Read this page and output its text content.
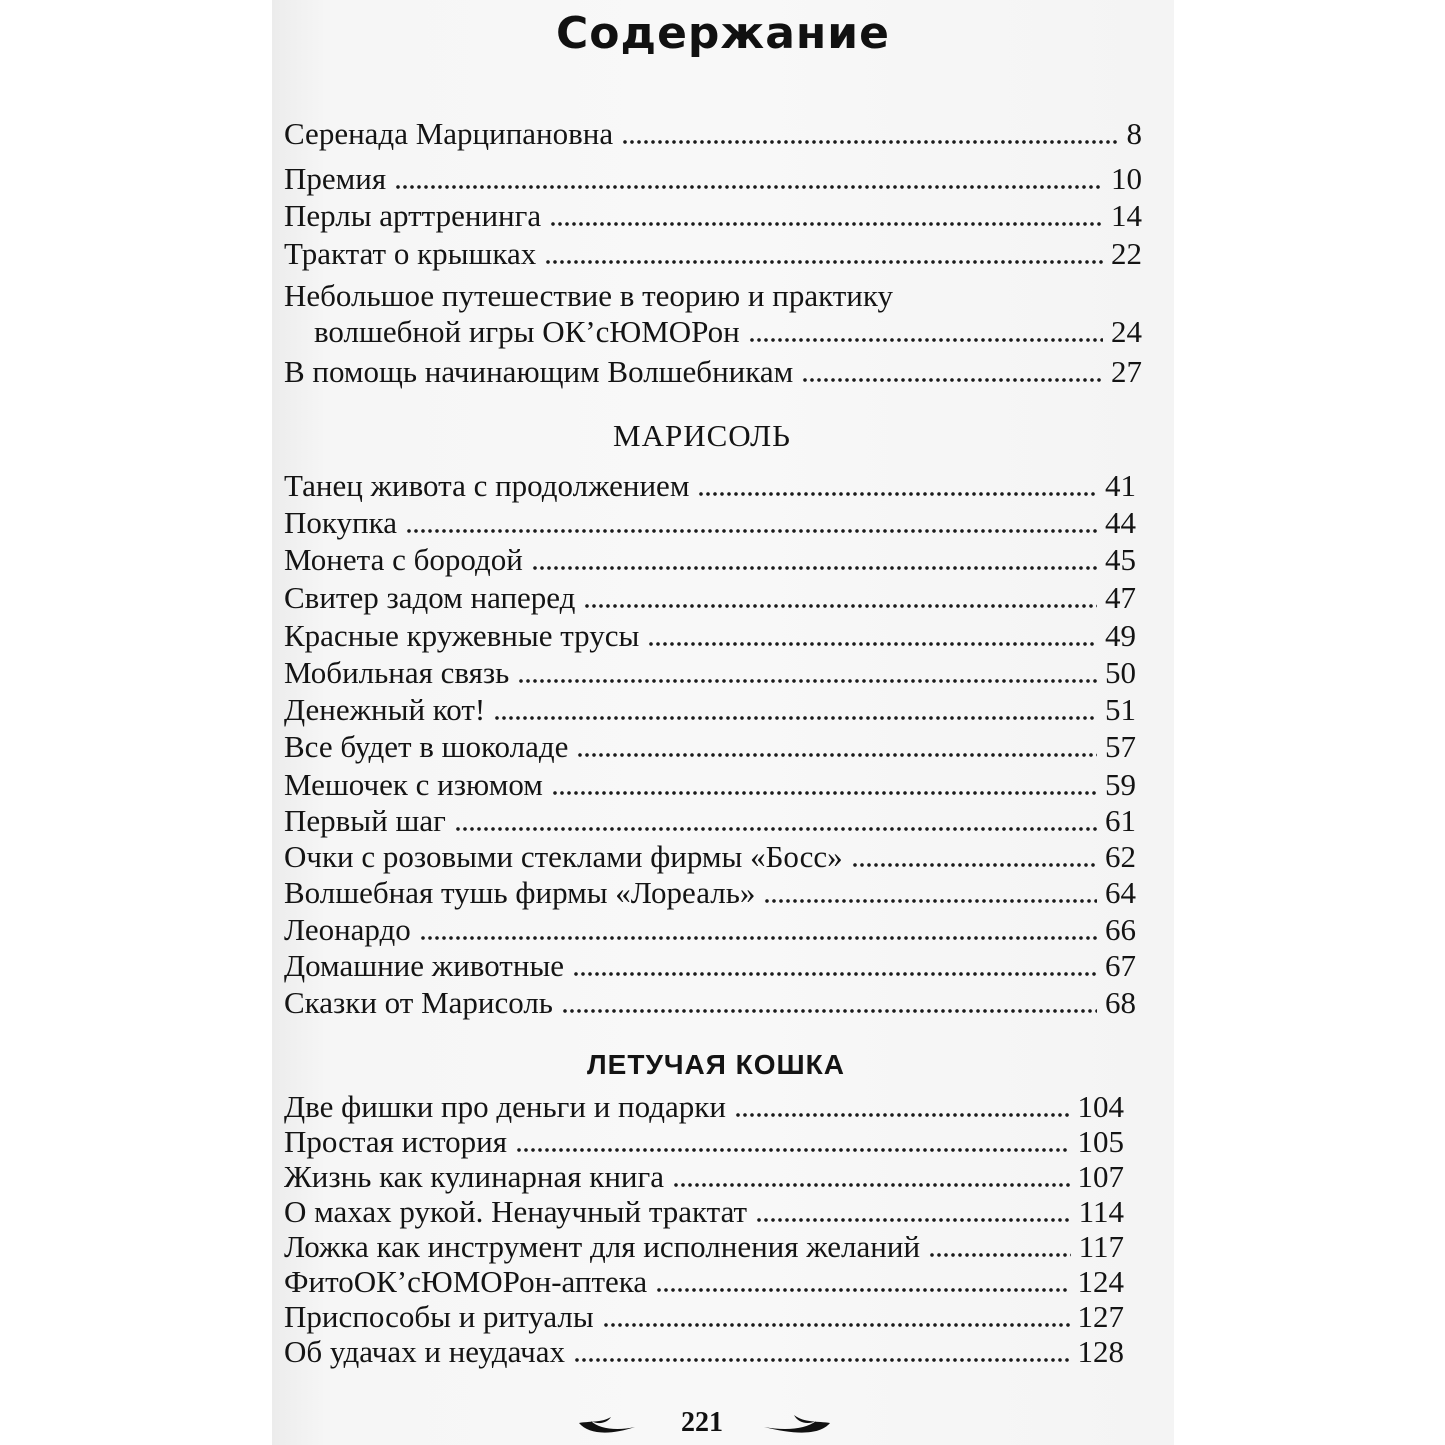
Содержание
Серенада Марципановна	8
Премия	10
Перлы арттренинга	14
Трактат о крышках	22
Небольшое путешествие в теорию и практику
волшебной игры ОК’сЮМОРон	24
В помощь начинающим Волшебникам	27
МАРИСОЛЬ
Танец живота с продолжением	41
Покупка	44
Монета с бородой	45
Свитер задом наперед	47
Красные кружевные трусы	49
Мобильная связь	50
Денежный кот!	51
Все будет в шоколаде	57
Мешочек с изюмом	59
Первый шаг	61
Очки с розовыми стеклами фирмы «Босс»	62
Волшебная тушь фирмы «Лореаль»	64
Леонардо	66
Домашние животные	67
Сказки от Марисоль	68
ЛЕТУЧАЯ КОШКА
Две фишки про деньги и подарки	104
Простая история	105
Жизнь как кулинарная книга	107
О махах рукой. Ненаучный трактат	114
Ложка как инструмент для исполнения желаний	117
ФитоОК’сЮМОРон-аптека	124
Приспособы и ритуалы	127
Об удачах и неудачах	128
221
